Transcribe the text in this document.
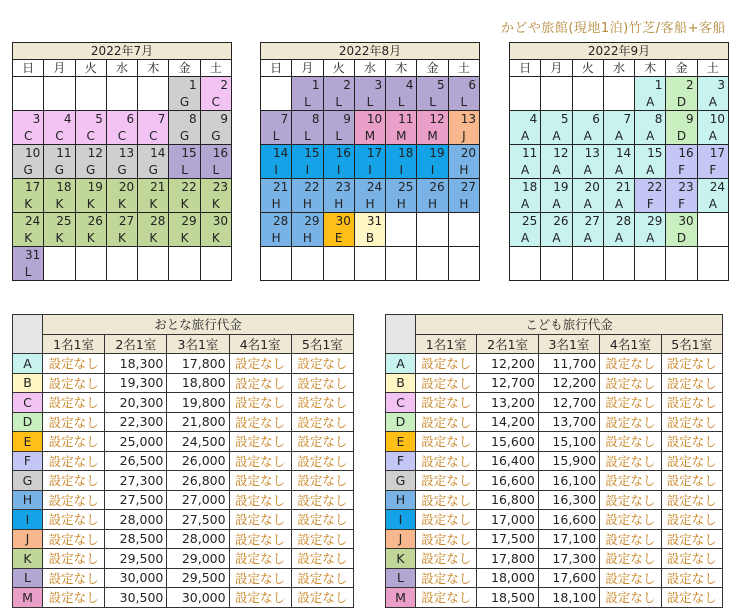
かどや旅館(現地1泊)竹芝/客船+客船
2022年7月						
日	月	火	水	木	金	土
					1	2
					G	C
3	4	5	6	7	8	9
C	C	C	C	C	G	G
10	11	12	13	14	15	16
G	G	G	G	G	L	L
17	18	19	20	21	22	23
K	K	K	K	K	K	K
24	25	26	27	28	29	30
K	K	K	K	K	K	K
31						
L						
2022年8月						
日	月	火	水	木	金	土
	1	2	3	4	5	6
	L	L	L	L	L	L
7	8	9	10	11	12	13
L	L	L	M	M	M	J
14	15	16	17	18	19	20
I	I	I	I	I	I	H
21	22	23	24	25	26	27
H	H	H	H	H	H	H
28	29	30	31			
H	H	E	B			

2022年9月						
日	月	火	水	木	金	土
				1	2	3
				A	D	A
4	5	6	7	8	9	10
A	A	A	A	A	D	A
11	12	13	14	15	16	17
A	A	A	A	A	F	F
18	19	20	21	22	23	24
A	A	A	A	F	F	A
25	26	27	28	29	30	
A	A	A	A	A	D	

	おとな旅行代金				
	1名1室	2名1室	3名1室	4名1室	5名1室
A	設定なし	18,300	17,800	設定なし	設定なし
B	設定なし	19,300	18,800	設定なし	設定なし
C	設定なし	20,300	19,800	設定なし	設定なし
D	設定なし	22,300	21,800	設定なし	設定なし
E	設定なし	25,000	24,500	設定なし	設定なし
F	設定なし	26,500	26,000	設定なし	設定なし
G	設定なし	27,300	26,800	設定なし	設定なし
H	設定なし	27,500	27,000	設定なし	設定なし
I	設定なし	28,000	27,500	設定なし	設定なし
J	設定なし	28,500	28,000	設定なし	設定なし
K	設定なし	29,500	29,000	設定なし	設定なし
L	設定なし	30,000	29,500	設定なし	設定なし
M	設定なし	30,500	30,000	設定なし	設定なし
	こども旅行代金				
	1名1室	2名1室	3名1室	4名1室	5名1室
A	設定なし	12,200	11,700	設定なし	設定なし
B	設定なし	12,700	12,200	設定なし	設定なし
C	設定なし	13,200	12,700	設定なし	設定なし
D	設定なし	14,200	13,700	設定なし	設定なし
E	設定なし	15,600	15,100	設定なし	設定なし
F	設定なし	16,400	15,900	設定なし	設定なし
G	設定なし	16,600	16,100	設定なし	設定なし
H	設定なし	16,800	16,300	設定なし	設定なし
I	設定なし	17,000	16,600	設定なし	設定なし
J	設定なし	17,500	17,100	設定なし	設定なし
K	設定なし	17,800	17,300	設定なし	設定なし
L	設定なし	18,000	17,600	設定なし	設定なし
M	設定なし	18,500	18,100	設定なし	設定なし
